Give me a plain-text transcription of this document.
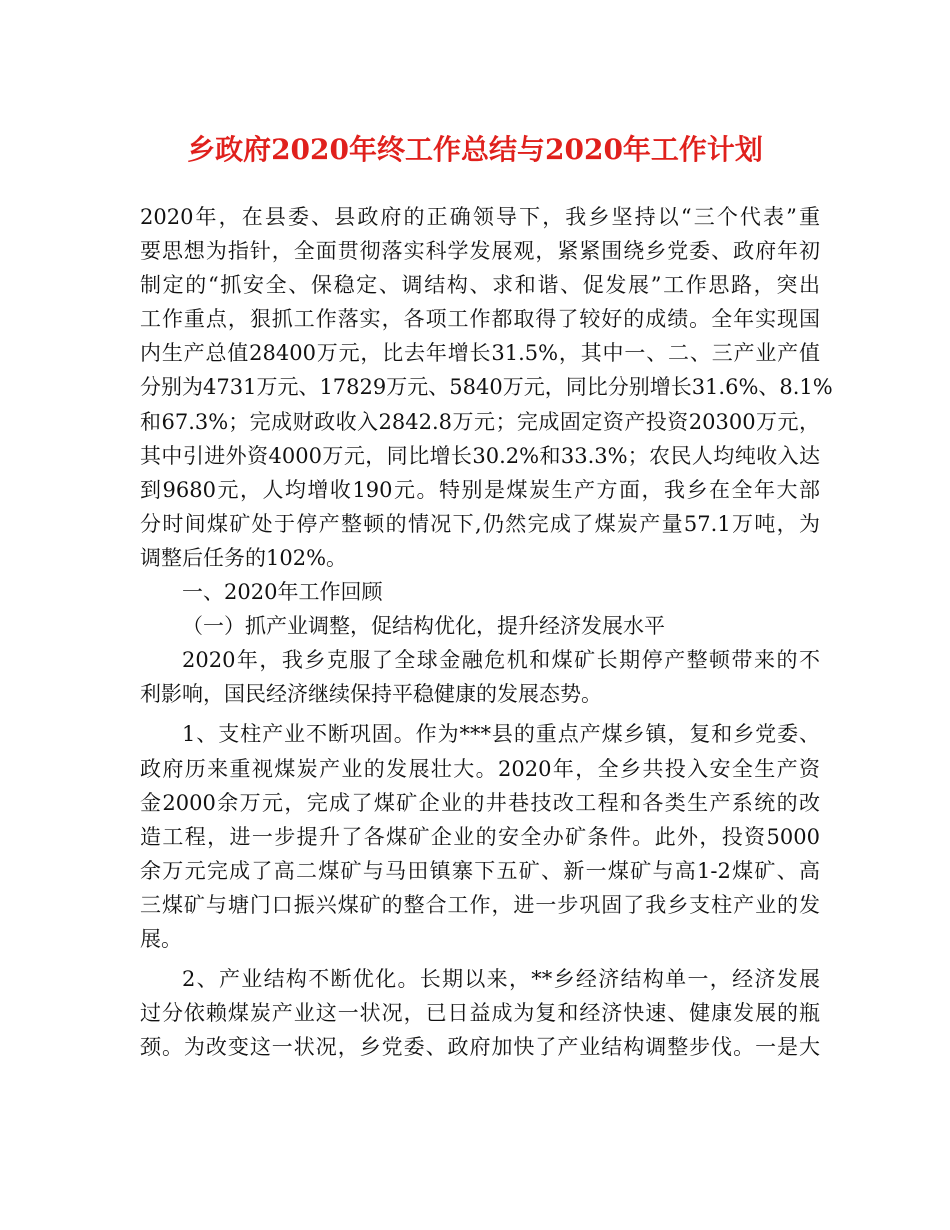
乡政府2020年终工作总结与2020年工作计划
2020年，在县委、县政府的正确领导下，我乡坚持以“三个代表”重
要思想为指针，全面贯彻落实科学发展观，紧紧围绕乡党委、政府年初
制定的“抓安全、保稳定、调结构、求和谐、促发展”工作思路，突出
工作重点，狠抓工作落实，各项工作都取得了较好的成绩。全年实现国
内生产总值28400万元，比去年增长31.5%，其中一、二、三产业产值
分别为4731万元、17829万元、5840万元，同比分别增长31.6%、8.1%
和67.3%；完成财政收入2842.8万元；完成固定资产投资20300万元，
其中引进外资4000万元，同比增长30.2%和33.3%；农民人均纯收入达
到9680元，人均增收190元。特别是煤炭生产方面，我乡在全年大部
分时间煤矿处于停产整顿的情况下,仍然完成了煤炭产量57.1万吨，为
调整后任务的102%。
一、2020年工作回顾
（一）抓产业调整，促结构优化，提升经济发展水平
2020年，我乡克服了全球金融危机和煤矿长期停产整顿带来的不
利影响，国民经济继续保持平稳健康的发展态势。
1、支柱产业不断巩固。作为***县的重点产煤乡镇，复和乡党委、
政府历来重视煤炭产业的发展壮大。2020年，全乡共投入安全生产资
金2000余万元，完成了煤矿企业的井巷技改工程和各类生产系统的改
造工程，进一步提升了各煤矿企业的安全办矿条件。此外，投资5000
余万元完成了高二煤矿与马田镇寨下五矿、新一煤矿与高1-2煤矿、高
三煤矿与塘门口振兴煤矿的整合工作，进一步巩固了我乡支柱产业的发
展。
2、产业结构不断优化。长期以来，**乡经济结构单一，经济发展
过分依赖煤炭产业这一状况，已日益成为复和经济快速、健康发展的瓶
颈。为改变这一状况，乡党委、政府加快了产业结构调整步伐。一是大
